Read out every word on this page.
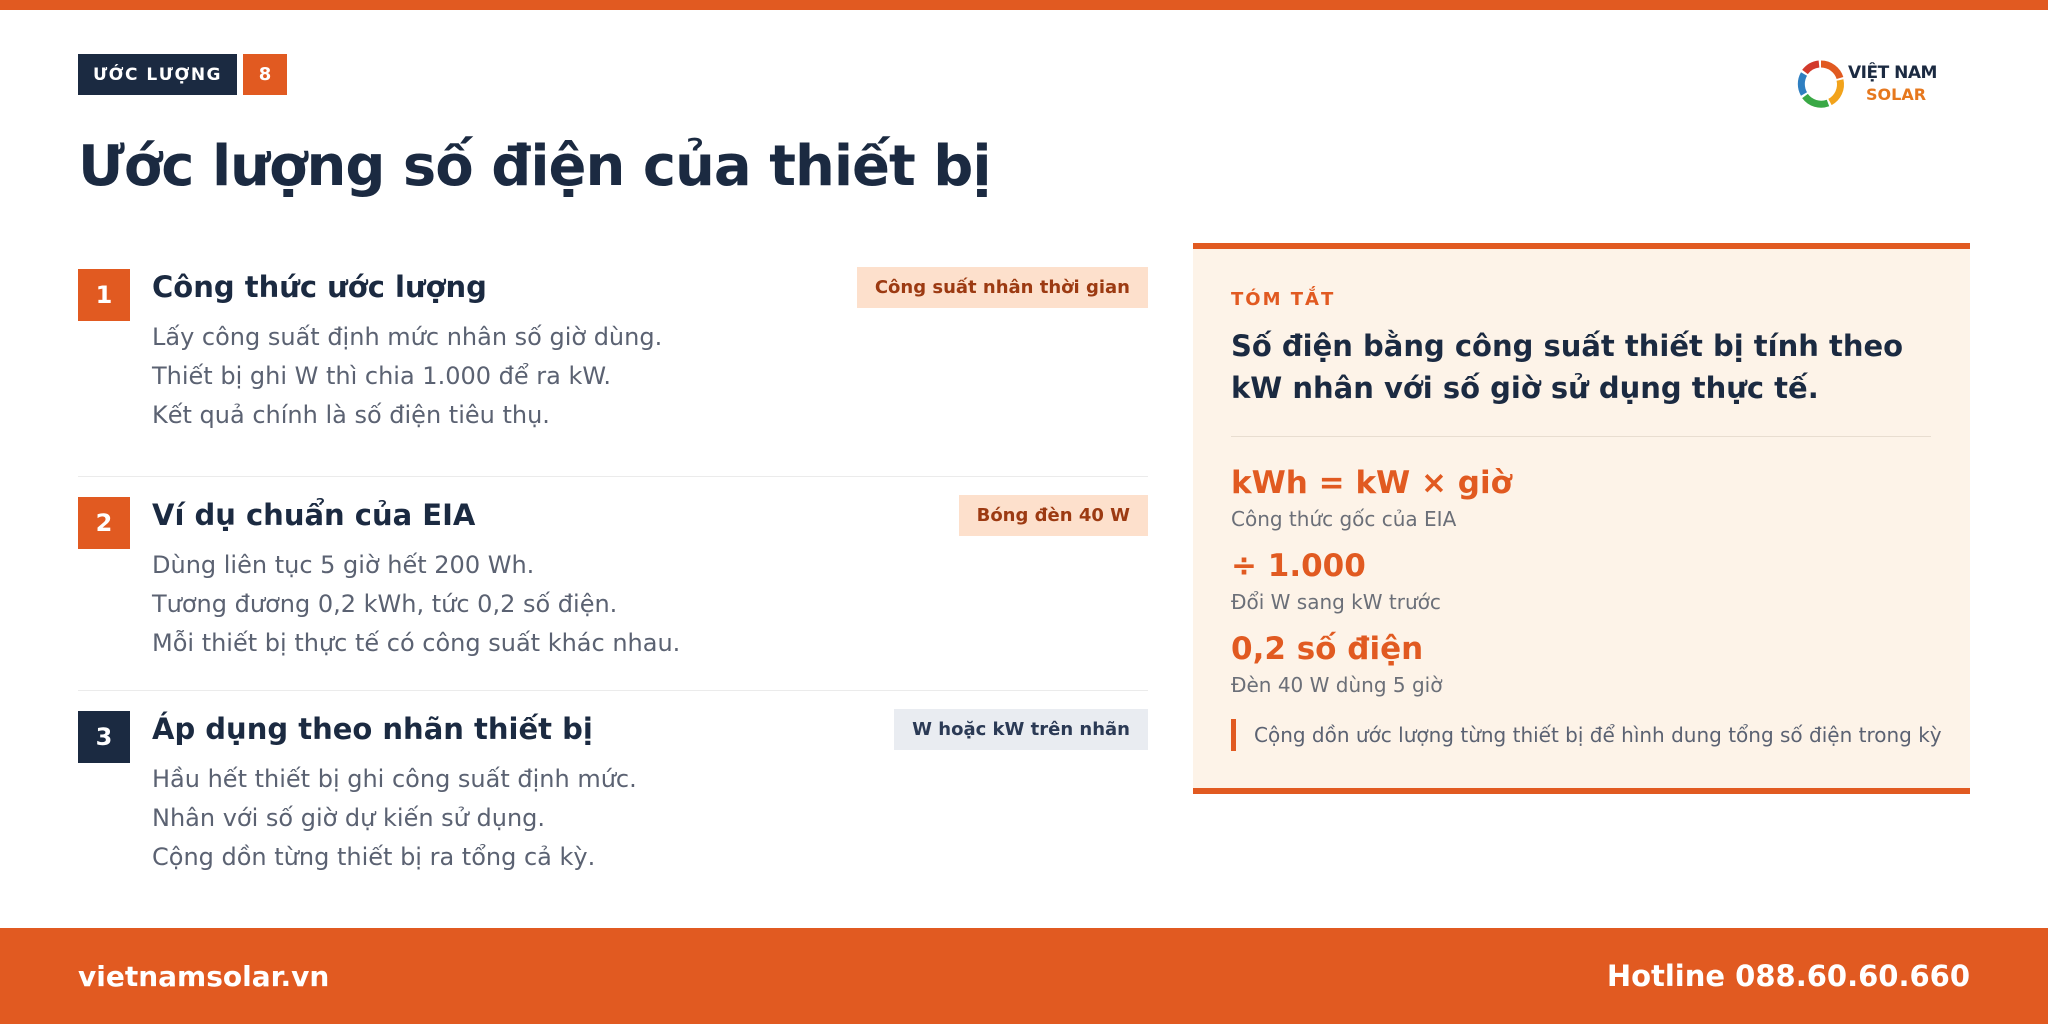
ƯỚC LƯỢNG	8	VIỆT NAM
SOLAR
Ước lượng số điện của thiết bị
1	Công thức ước lượng	Công suất nhân thời gian
Lấy công suất định mức nhân số giờ dùng.
Thiết bị ghi W thì chia 1.000 để ra kW.
Kết quả chính là số điện tiêu thụ.
2	Ví dụ chuẩn của EIA	Bóng đèn 40 W
Dùng liên tục 5 giờ hết 200 Wh.
Tương đương 0,2 kWh, tức 0,2 số điện.
Mỗi thiết bị thực tế có công suất khác nhau.
3	Áp dụng theo nhãn thiết bị	W hoặc kW trên nhãn
Hầu hết thiết bị ghi công suất định mức.
Nhân với số giờ dự kiến sử dụng.
Cộng dồn từng thiết bị ra tổng cả kỳ.
TÓM TẮT
Số điện bằng công suất thiết bị tính theo kW nhân với số giờ sử dụng thực tế.
kWh = kW × giờ
Công thức gốc của EIA
÷ 1.000
Đổi W sang kW trước
0,2 số điện
Đèn 40 W dùng 5 giờ
Cộng dồn ước lượng từng thiết bị để hình dung tổng số điện trong kỳ
vietnamsolar.vn	Hotline 088.60.60.660
